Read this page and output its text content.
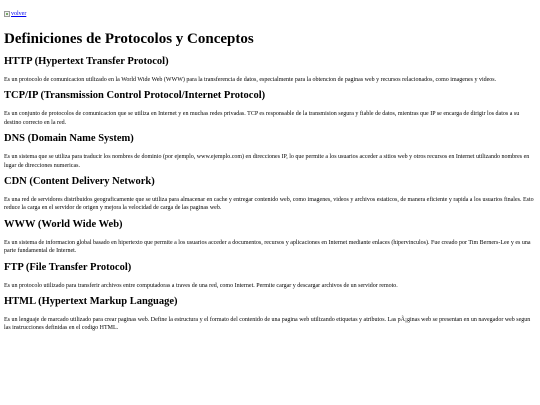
volver
Definiciones de Protocolos y Conceptos
HTTP (Hypertext Transfer Protocol)

Es un protocolo de comunicacion utilizado en la World Wide Web (WWW) para la transferencia de datos, especialmente para la obtencion de paginas web y recursos relacionados, como imagenes y videos.

TCP/IP (Transmission Control Protocol/Internet Protocol)

Es un conjunto de protocolos de comunicacion que se utiliza en Internet y en muchas redes privadas. TCP es responsable de la transmision segura y fiable de datos, mientras que IP se encarga de dirigir los datos a su destino correcto en la red.

DNS (Domain Name System)

Es un sistema que se utiliza para traducir los nombres de dominio (por ejemplo, www.ejemplo.com) en direcciones IP, lo que permite a los usuarios acceder a sitios web y otros recursos en Internet utilizando nombres en lugar de direcciones numericas.

CDN (Content Delivery Network)

Es una red de servidores distribuidos geograficamente que se utiliza para almacenar en cache y entregar contenido web, como imagenes, videos y archivos estaticos, de manera eficiente y rapida a los usuarios finales. Esto reduce la carga en el servidor de origen y mejora la velocidad de carga de las paginas web.

WWW (World Wide Web)

Es un sistema de informacion global basado en hipertexto que permite a los usuarios acceder a documentos, recursos y aplicaciones en Internet mediante enlaces (hipervinculos). Fue creado por Tim Berners-Lee y es una parte fundamental de Internet.

FTP (File Transfer Protocol)

Es un protocolo utilizado para transferir archivos entre computadoras a traves de una red, como Internet. Permite cargar y descargar archivos de un servidor remoto.

HTML (Hypertext Markup Language)

Es un lenguaje de marcado utilizado para crear paginas web. Define la estructura y el formato del contenido de una pagina web utilizando etiquetas y atributos. Las pÃ¡ginas web se presentan en un navegador web segun las instrucciones definidas en el codigo HTML.
